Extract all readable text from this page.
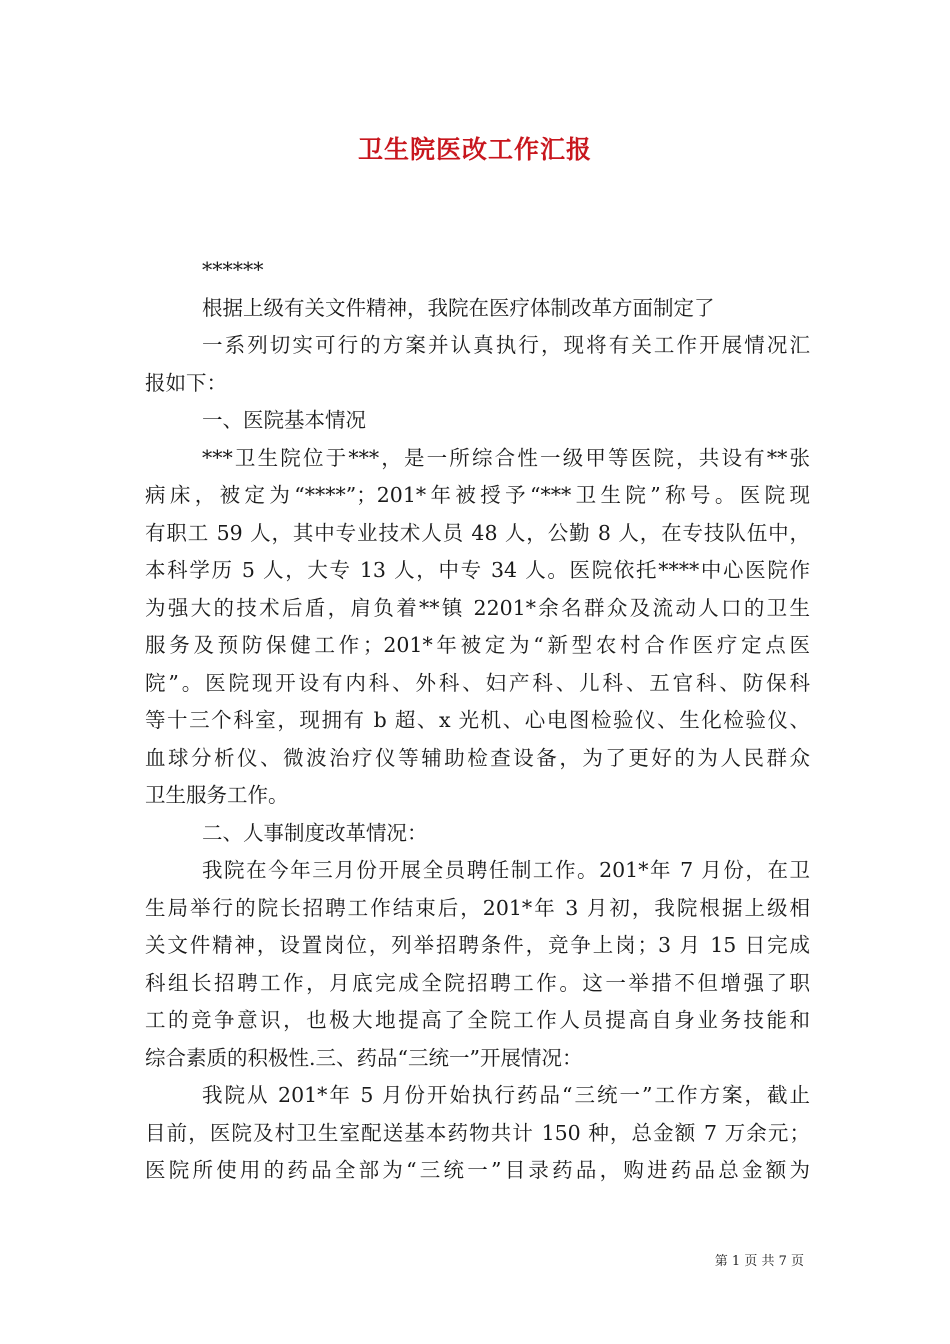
卫生院医改工作汇报
******
根据上级有关文件精神，我院在医疗体制改革方面制定了
一系列切实可行的方案并认真执行，现将有关工作开展情况汇
报如下：
一、医院基本情况
***卫生院位于***，是一所综合性一级甲等医院，共设有**张
病床，被定为“****”；201*年被授予“***卫生院”称号。医院现
有职工 59 人，其中专业技术人员 48 人，公勤 8 人，在专技队伍中，
本科学历 5 人，大专 13 人，中专 34 人。医院依托****中心医院作
为强大的技术后盾，肩负着**镇 2201*余名群众及流动人口的卫生
服务及预防保健工作；201*年被定为“新型农村合作医疗定点医
院”。医院现开设有内科、外科、妇产科、儿科、五官科、防保科
等十三个科室，现拥有 b 超、x 光机、心电图检验仪、生化检验仪、
血球分析仪、微波治疗仪等辅助检查设备，为了更好的为人民群众
卫生服务工作。
二、人事制度改革情况：
我院在今年三月份开展全员聘任制工作。201*年 7 月份，在卫
生局举行的院长招聘工作结束后，201*年 3 月初，我院根据上级相
关文件精神，设置岗位，列举招聘条件，竞争上岗；3 月 15 日完成
科组长招聘工作，月底完成全院招聘工作。这一举措不但增强了职
工的竞争意识，也极大地提高了全院工作人员提高自身业务技能和
综合素质的积极性.三、药品“三统一”开展情况：
我院从 201*年 5 月份开始执行药品“三统一”工作方案，截止
目前，医院及村卫生室配送基本药物共计 150 种，总金额 7 万余元；
医院所使用的药品全部为“三统一”目录药品，购进药品总金额为
第 1 页 共 7 页
